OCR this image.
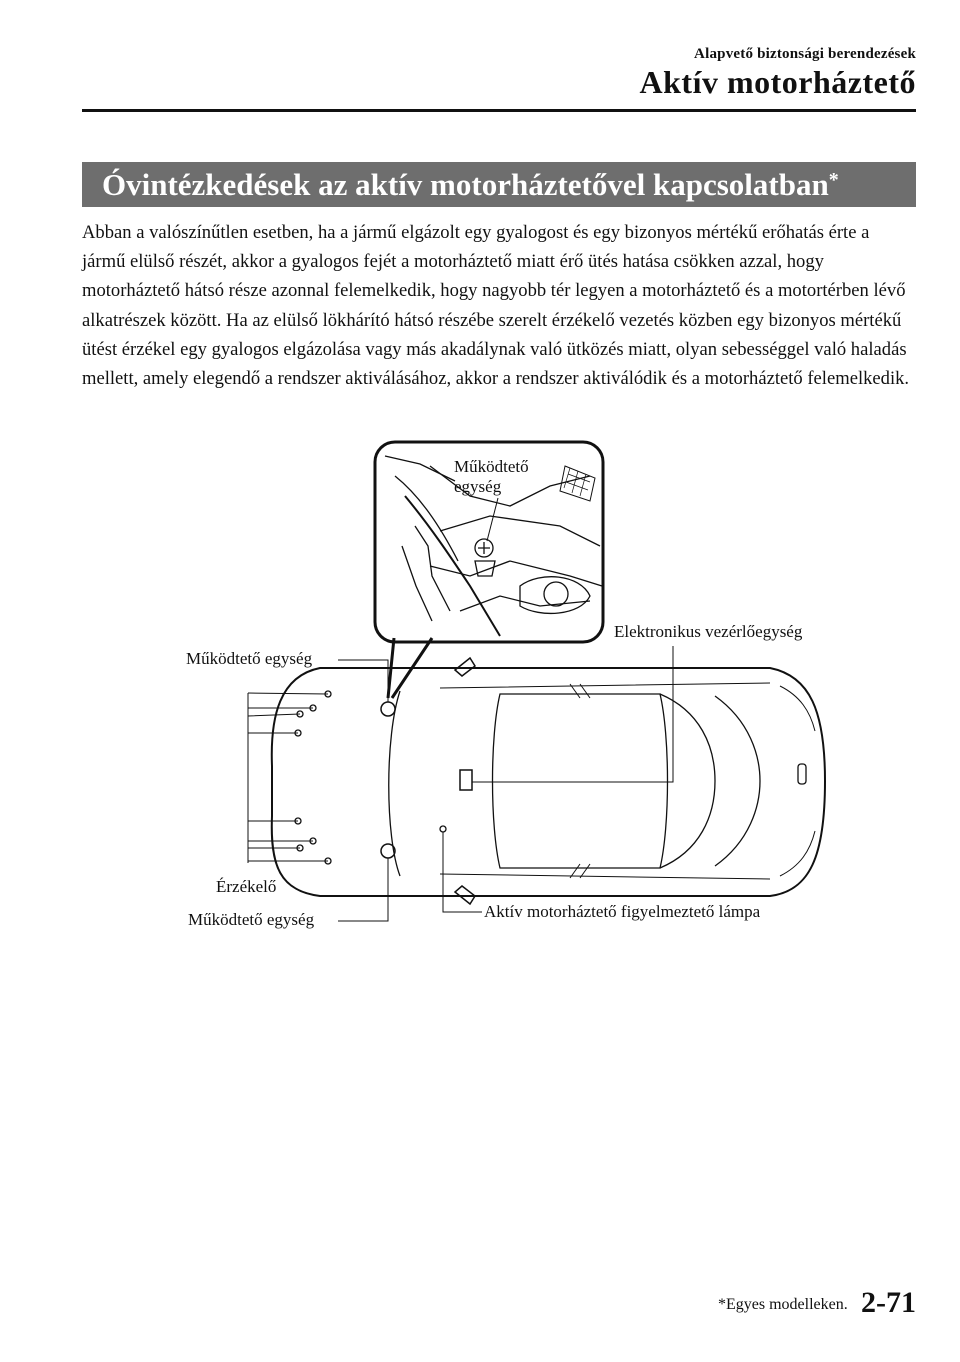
Alapvető biztonsági berendezések
Aktív motorháztető
Óvintézkedések az aktív motorháztetővel kapcsolatban*

Abban a valószínűtlen esetben, ha a jármű elgázolt egy gyalogost és egy bizonyos mértékű erőhatás érte a jármű elülső részét, akkor a gyalogos fejét a motorháztető miatt érő ütés hatása csökken azzal, hogy motorháztető hátsó része azonnal felemelkedik, hogy nagyobb tér legyen a motorháztető és a motortérben lévő alkatrészek között. Ha az elülső lökhárító hátsó részébe szerelt érzékelő vezetés közben egy bizonyos mértékű ütést érzékel egy gyalogos elgázolása vagy más akadálynak való ütközés miatt, olyan sebességgel való haladás mellett, amely elegendő a rendszer aktiválásához, akkor a rendszer aktiválódik és a motorháztető felemelkedik.

Működtető
egység
Működtető egység
Elektronikus vezérlőegység
Érzékelő
Működtető egység	Aktív motorháztető figyelmeztető lámpa
*Egyes modelleken. 2-71
